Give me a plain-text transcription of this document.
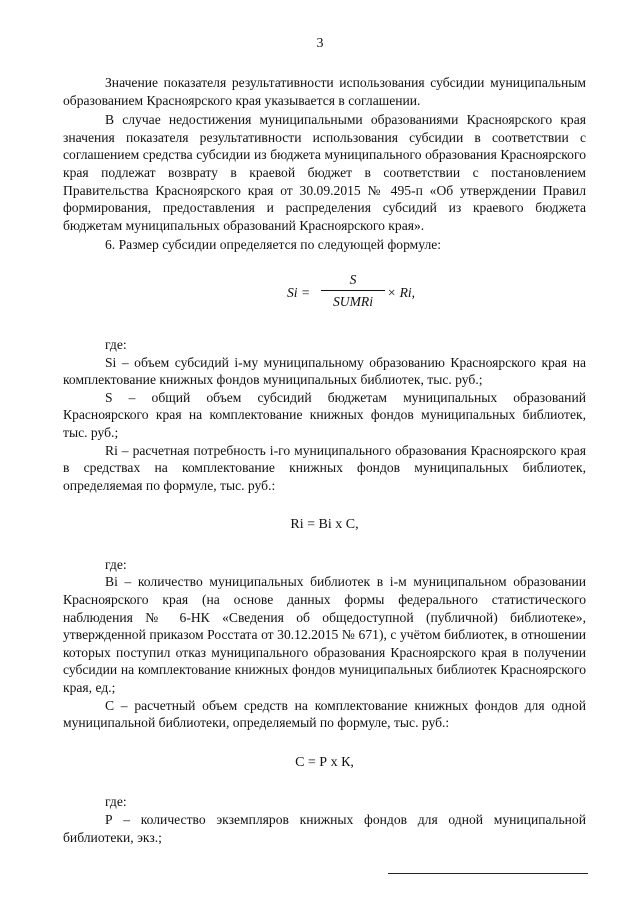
3

Значение показателя результативности использования субсидии муниципальным образованием Красноярского края указывается в соглашении.

В случае недостижения муниципальными образованиями Красноярского края значения показателя результативности использования субсидии в соответствии с соглашением средства субсидии из бюджета муниципального образования Красноярского края подлежат возврату в краевой бюджет в соответствии с постановлением Правительства Красноярского края от 30.09.2015 № 495-п «Об утверждении Правил формирования, предоставления и распределения субсидий из краевого бюджета бюджетам муниципальных образований Красноярского края».

6. Размер субсидии определяется по следующей формуле:

Si =
S
SUMRi
× Ri,

где:

Si – объем субсидий i-му муниципальному образованию Красноярского края на комплектование книжных фондов муниципальных библиотек, тыс. руб.;

S – общий объем субсидий бюджетам муниципальных образований Красноярского края на комплектование книжных фондов муниципальных библиотек, тыс. руб.;

Ri – расчетная потребность i-го муниципального образования Красноярского края в средствах на комплектование книжных фондов муниципальных библиотек, определяемая по формуле, тыс. руб.:

Ri = Bi х С,

где:

Bi – количество муниципальных библиотек в i-м муниципальном образовании Красноярского края (на основе данных формы федерального статистического наблюдения № 6-НК «Сведения об общедоступной (публичной) библиотеке», утвержденной приказом Росстата от 30.12.2015 № 671), с учётом библиотек, в отношении которых поступил отказ муниципального образования Красноярского края в получении субсидии на комплектование книжных фондов муниципальных библиотек Красноярского края, ед.;

С – расчетный объем средств на комплектование книжных фондов для одной муниципальной библиотеки, определяемый по формуле, тыс. руб.:

С = Р х К,

где:

Р – количество экземпляров книжных фондов для одной муниципальной библиотеки, экз.;
